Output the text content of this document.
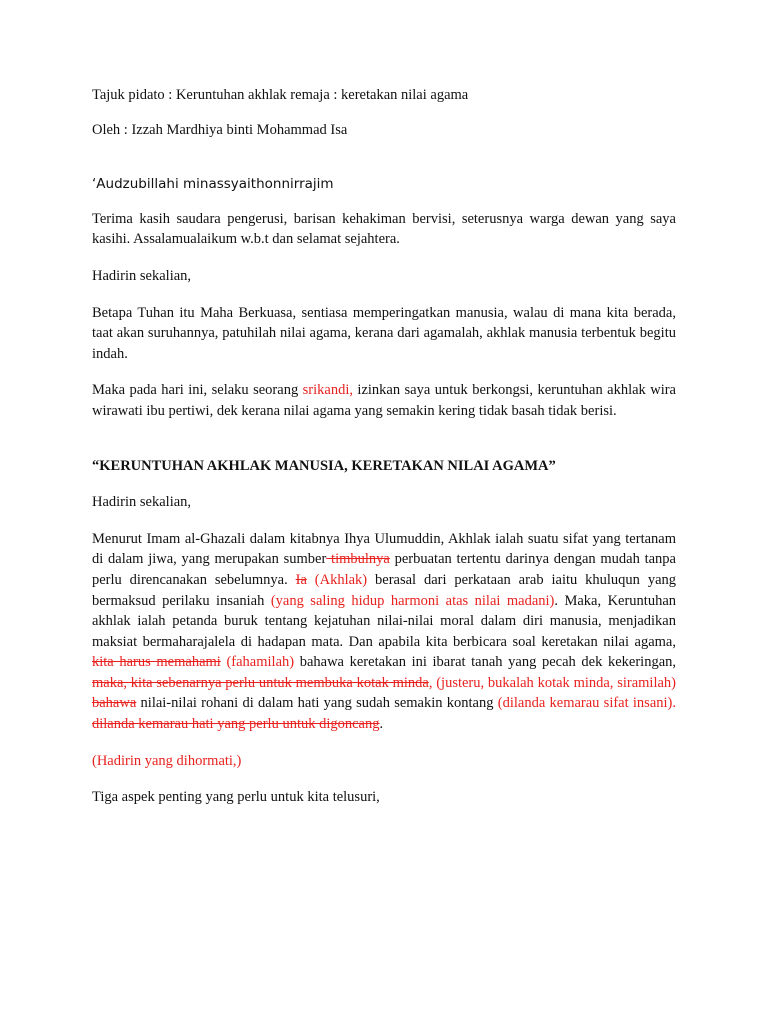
Tajuk pidato : Keruntuhan akhlak remaja : keretakan nilai agama

Oleh : Izzah Mardhiya binti Mohammad Isa

‘Audzubillahi minassyaithonnirrajim

Terima kasih saudara pengerusi, barisan kehakiman bervisi, seterusnya warga dewan yang saya kasihi. Assalamualaikum w.b.t dan selamat sejahtera.

Hadirin sekalian,

Betapa Tuhan itu Maha Berkuasa, sentiasa memperingatkan manusia, walau di mana kita berada, taat akan suruhannya, patuhilah nilai agama, kerana dari agamalah, akhlak manusia terbentuk begitu indah.

Maka pada hari ini, selaku seorang srikandi, izinkan saya untuk berkongsi, keruntuhan akhlak wira wirawati ibu pertiwi, dek kerana nilai agama yang semakin kering tidak basah tidak berisi.

“KERUNTUHAN AKHLAK MANUSIA, KERETAKAN NILAI AGAMA”

Hadirin sekalian,

Menurut Imam al-Ghazali dalam kitabnya Ihya Ulumuddin, Akhlak ialah suatu sifat yang tertanam di dalam jiwa, yang merupakan sumber timbulnya perbuatan tertentu darinya dengan mudah tanpa perlu direncanakan sebelumnya. Ia (Akhlak) berasal dari perkataan arab iaitu khuluqun yang bermaksud perilaku insaniah (yang saling hidup harmoni atas nilai madani). Maka, Keruntuhan akhlak ialah petanda buruk tentang kejatuhan nilai-nilai moral dalam diri manusia, menjadikan maksiat bermaharajalela di hadapan mata. Dan apabila kita berbicara soal keretakan nilai agama, kita harus memahami (fahamilah) bahawa keretakan ini ibarat tanah yang pecah dek kekeringan, maka, kita sebenarnya perlu untuk membuka kotak minda, (justeru, bukalah kotak minda, siramilah) bahawa nilai-nilai rohani di dalam hati yang sudah semakin kontang (dilanda kemarau sifat insani). dilanda kemarau hati yang perlu untuk digoncang.

(Hadirin yang dihormati,)

Tiga aspek penting yang perlu untuk kita telusuri,
